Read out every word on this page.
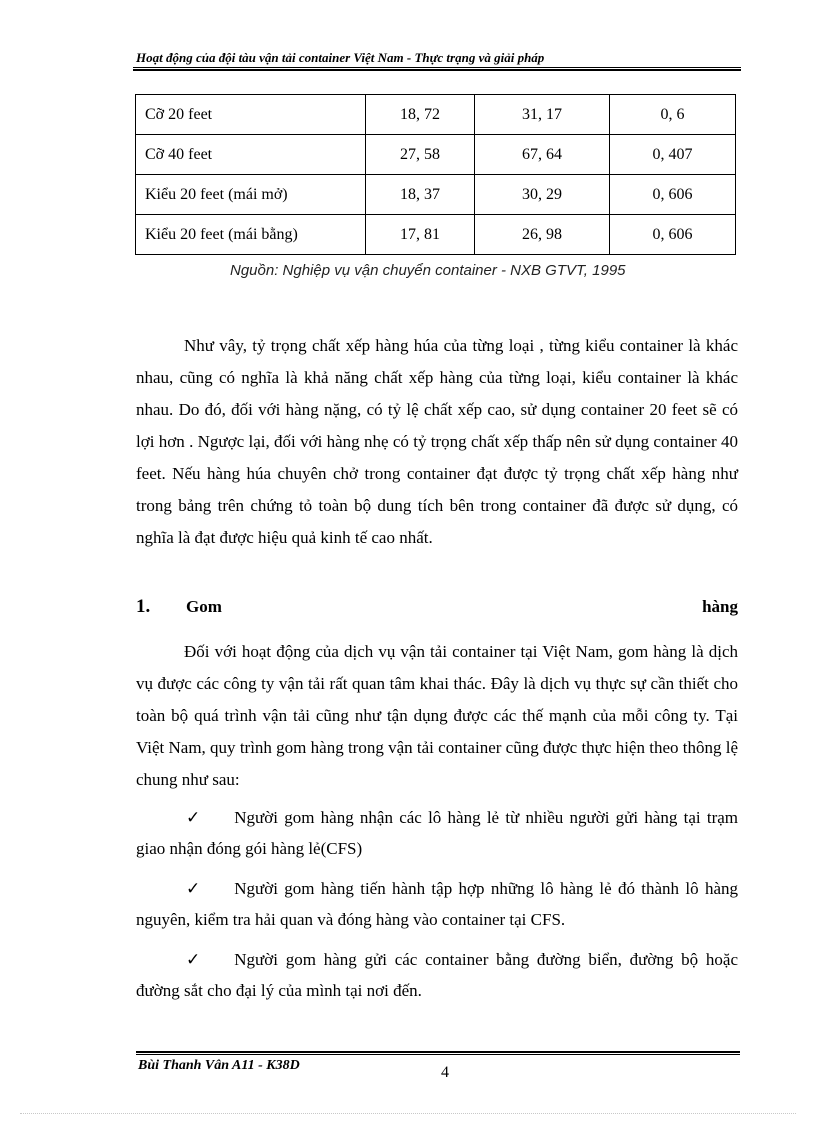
Hoạt động của đội tàu vận tải container Việt Nam - Thực trạng và giải pháp
Cỡ 20 feet	18, 72	31, 17	0, 6
Cỡ 40 feet	27, 58	67, 64	0, 407
Kiểu 20 feet (mái mở)	18, 37	30, 29	0, 606
Kiểu 20 feet (mái bằng)	17, 81	26, 98	0, 606
Nguồn: Nghiệp vụ vận chuyển container - NXB GTVT, 1995

Như vây, tỷ trọng chất xếp hàng húa của từng loại , từng kiểu container là khác nhau, cũng có nghĩa là khả năng chất xếp hàng của từng loại, kiểu container là khác nhau. Do đó, đối với hàng nặng, có tỷ lệ chất xếp cao, sử dụng container 20 feet sẽ có lợi hơn . Ngược lại, đối với hàng nhẹ có tỷ trọng chất xếp thấp nên sử dụng container 40 feet. Nếu hàng húa chuyên chở trong container đạt được tỷ trọng chất xếp hàng như trong bảng trên chứng tỏ toàn bộ dung tích bên trong container đã được sử dụng, có nghĩa là đạt được hiệu quả kinh tế cao nhất.

1.	Gom	hàng

Đối với hoạt động của dịch vụ vận tải container tại Việt Nam, gom hàng là dịch vụ được các công ty vận tải rất quan tâm khai thác. Đây là dịch vụ thực sự cần thiết cho toàn bộ quá trình vận tải cũng như tận dụng được các thế mạnh của mỗi công ty. Tại Việt Nam, quy trình gom hàng trong vận tải container cũng được thực hiện theo thông lệ chung như sau:

✓ Người gom hàng nhận các lô hàng lẻ từ nhiều người gửi hàng tại trạm giao nhận đóng gói hàng lẻ(CFS)

✓ Người gom hàng tiến hành tập hợp những lô hàng lẻ đó thành lô hàng nguyên, kiểm tra hải quan và đóng hàng vào container tại CFS.

✓ Người gom hàng gửi các container bằng đường biển, đường bộ hoặc đường sắt cho đại lý của mình tại nơi đến.

Bùi Thanh Vân A11 - K38D	4
